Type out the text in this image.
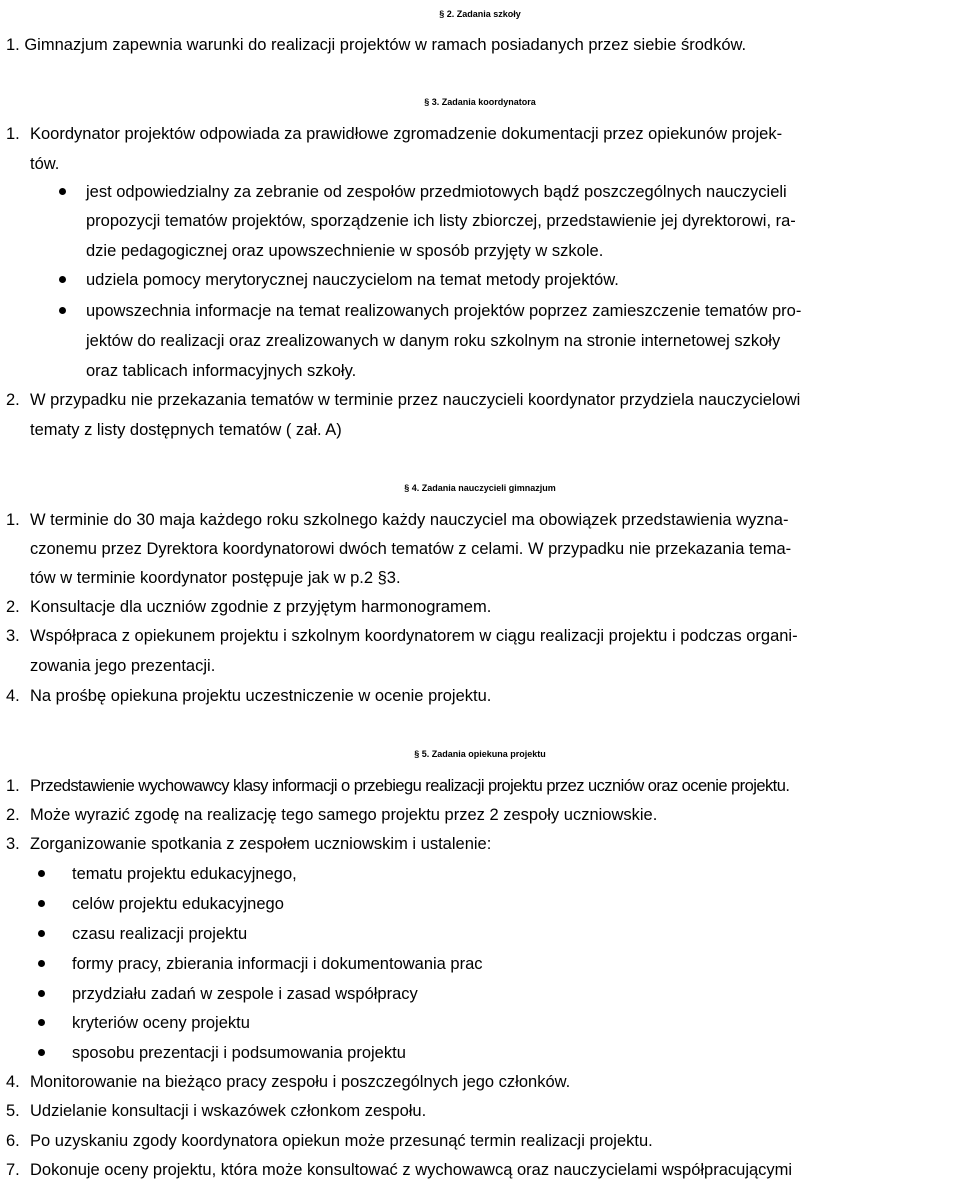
§ 2. Zadania szkoły
1. Gimnazjum zapewnia warunki do realizacji projektów w ramach posiadanych przez siebie środków.
§ 3. Zadania koordynatora
1. Koordynator projektów odpowiada za prawidłowe zgromadzenie dokumentacji przez opiekunów projek-
tów.
jest odpowiedzialny za zebranie od zespołów przedmiotowych bądź poszczególnych nauczycieli
propozycji tematów projektów, sporządzenie ich listy zbiorczej, przedstawienie jej dyrektorowi, ra-
dzie pedagogicznej oraz upowszechnienie w sposób przyjęty w szkole.
udziela pomocy merytorycznej nauczycielom na temat metody projektów.
upowszechnia informacje na temat realizowanych projektów poprzez zamieszczenie tematów pro-
jektów do realizacji oraz zrealizowanych w danym roku szkolnym na stronie internetowej szkoły
oraz tablicach informacyjnych szkoły.
2. W przypadku nie przekazania tematów w terminie przez nauczycieli koordynator przydziela nauczycielowi
tematy z listy dostępnych tematów ( zał. A)
§ 4. Zadania nauczycieli gimnazjum
1. W terminie do 30 maja każdego roku szkolnego każdy nauczyciel ma obowiązek przedstawienia wyzna-
czonemu przez Dyrektora koordynatorowi dwóch tematów z celami. W przypadku nie przekazania tema-
tów w terminie koordynator postępuje jak w p.2 §3.
2. Konsultacje dla uczniów zgodnie z przyjętym harmonogramem.
3. Współpraca z opiekunem projektu i szkolnym koordynatorem w ciągu realizacji projektu i podczas organi-
zowania jego prezentacji.
4. Na prośbę opiekuna projektu uczestniczenie w ocenie projektu.
§ 5. Zadania opiekuna projektu
1. Przedstawienie wychowawcy klasy informacji o przebiegu realizacji projektu przez uczniów oraz ocenie projektu.
2. Może wyrazić zgodę na realizację tego samego projektu przez 2 zespoły uczniowskie.
3. Zorganizowanie spotkania z zespołem uczniowskim i ustalenie:
tematu projektu edukacyjnego,
celów projektu edukacyjnego
czasu realizacji projektu
formy pracy, zbierania informacji i dokumentowania prac
przydziału zadań w zespole i zasad współpracy
kryteriów oceny projektu
sposobu prezentacji i podsumowania projektu
4. Monitorowanie na bieżąco pracy zespołu i poszczególnych jego członków.
5. Udzielanie konsultacji i wskazówek członkom zespołu.
6. Po uzyskaniu zgody koordynatora opiekun może przesunąć termin realizacji projektu.
7. Dokonuje oceny projektu, która może konsultować z wychowawcą oraz nauczycielami współpracującymi
